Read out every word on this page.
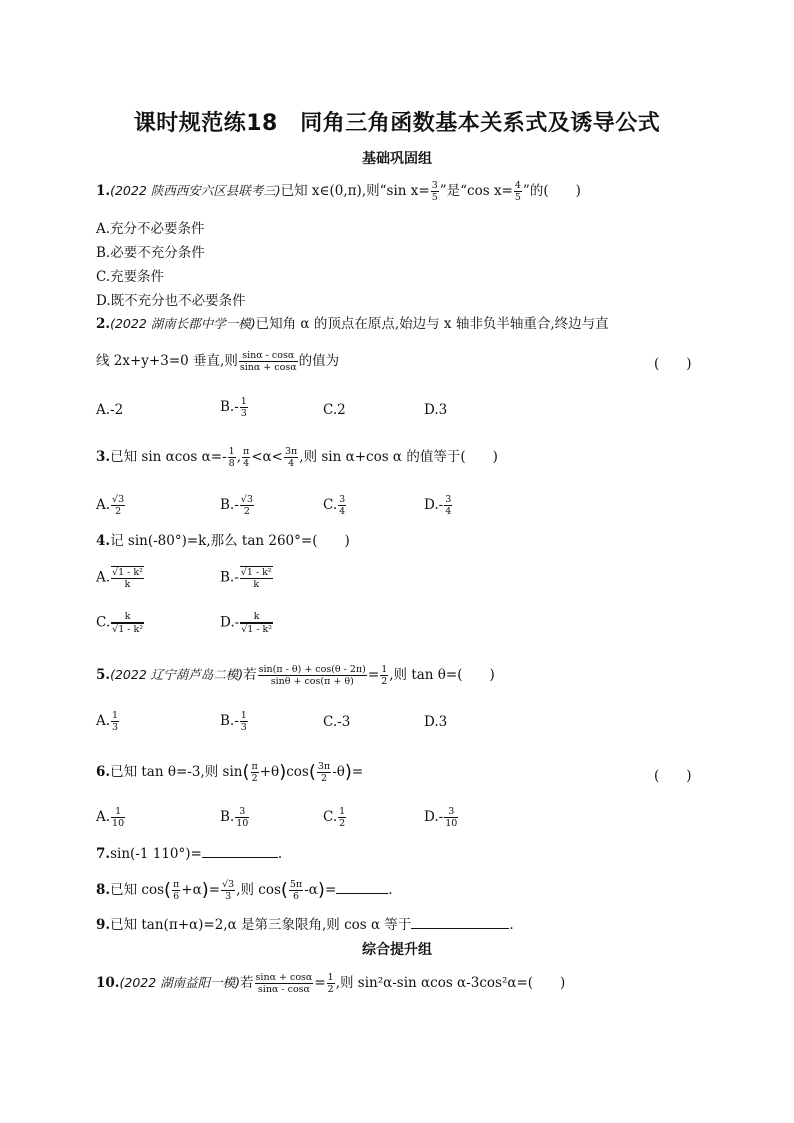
课时规范练18　同角三角函数基本关系式及诱导公式
基础巩固组
1.(2022 陕西西安六区县联考三)已知 x∈(0,π),则“sin $x= \frac{3}{5}$ ”是“cos $x= \frac{4}{5}$ ”的(　　)
A.充分不必要条件
B.必要不充分条件
C.充要条件
D.既不充分也不必要条件
2.(2022 湖南长郡中学一模)已知角 α 的顶点在原点,始边与 x 轴非负半轴重合,终边与直
线 2x+y+3=0 垂直,则 $\frac{\sin\alpha - \cos\alpha}{\sin\alpha + \cos\alpha}$ 的值为	(　　)
A.-2	$B.- \frac{1}{3}$	C.2	D.3
3.已知 sin αcos $\alpha=- \frac{1}{8}$ , $\frac{\pi}{4} <\alpha< \frac{3\pi}{4}$ ,则 sin α+cos α 的值等于(　　)
A. $\frac{√3}{2}$	$B.- \frac{√3}{2}$	C. $\frac{3}{4}$	$D.- \frac{3}{4}$
4.记 sin(-80°)=k,那么 tan 260°=(　　)
A. $\frac{\text{√1 - k²}}{k}$	$B.- \frac{\text{√1 - k²}}{k}$
C. $\frac{k}{\text{√1 - k²}}$	$D.- \frac{k}{\text{√1 - k²}}$
5.(2022 辽宁葫芦岛二模)若 $\frac{\sin(\pi - \theta) + \cos(\theta - 2\pi)}{\sin\theta + \cos(\pi + \theta)} = \frac{1}{2}$ ,则 tan θ=(　　)
A. $\frac{1}{3}$	$B.- \frac{1}{3}$	C.-3	D.3
6.已知 tan θ=-3,则 $\sin( \frac{\pi}{2} +\theta)\cos( \frac{3\pi}{2} -\theta)=$	(　　)
A. $\frac{1}{10}$	B. $\frac{3}{10}$	C. $\frac{1}{2}$	$D.- \frac{3}{10}$
7.sin(-1 110°)=	.
8.已知 $\cos( \frac{\pi}{6} +\alpha)= \frac{√3}{3}$ ,则 $\cos( \frac{5\pi}{6} -\alpha)=$	.
9.已知 tan(π+α)=2,α 是第三象限角,则 cos α 等于	.
综合提升组
10.(2022 湖南益阳一模)若 $\frac{\sin\alpha + \cos\alpha}{\sin\alpha - \cos\alpha} = \frac{1}{2}$ ,则 sin²α-sin αcos α-3cos²α=(　　)
